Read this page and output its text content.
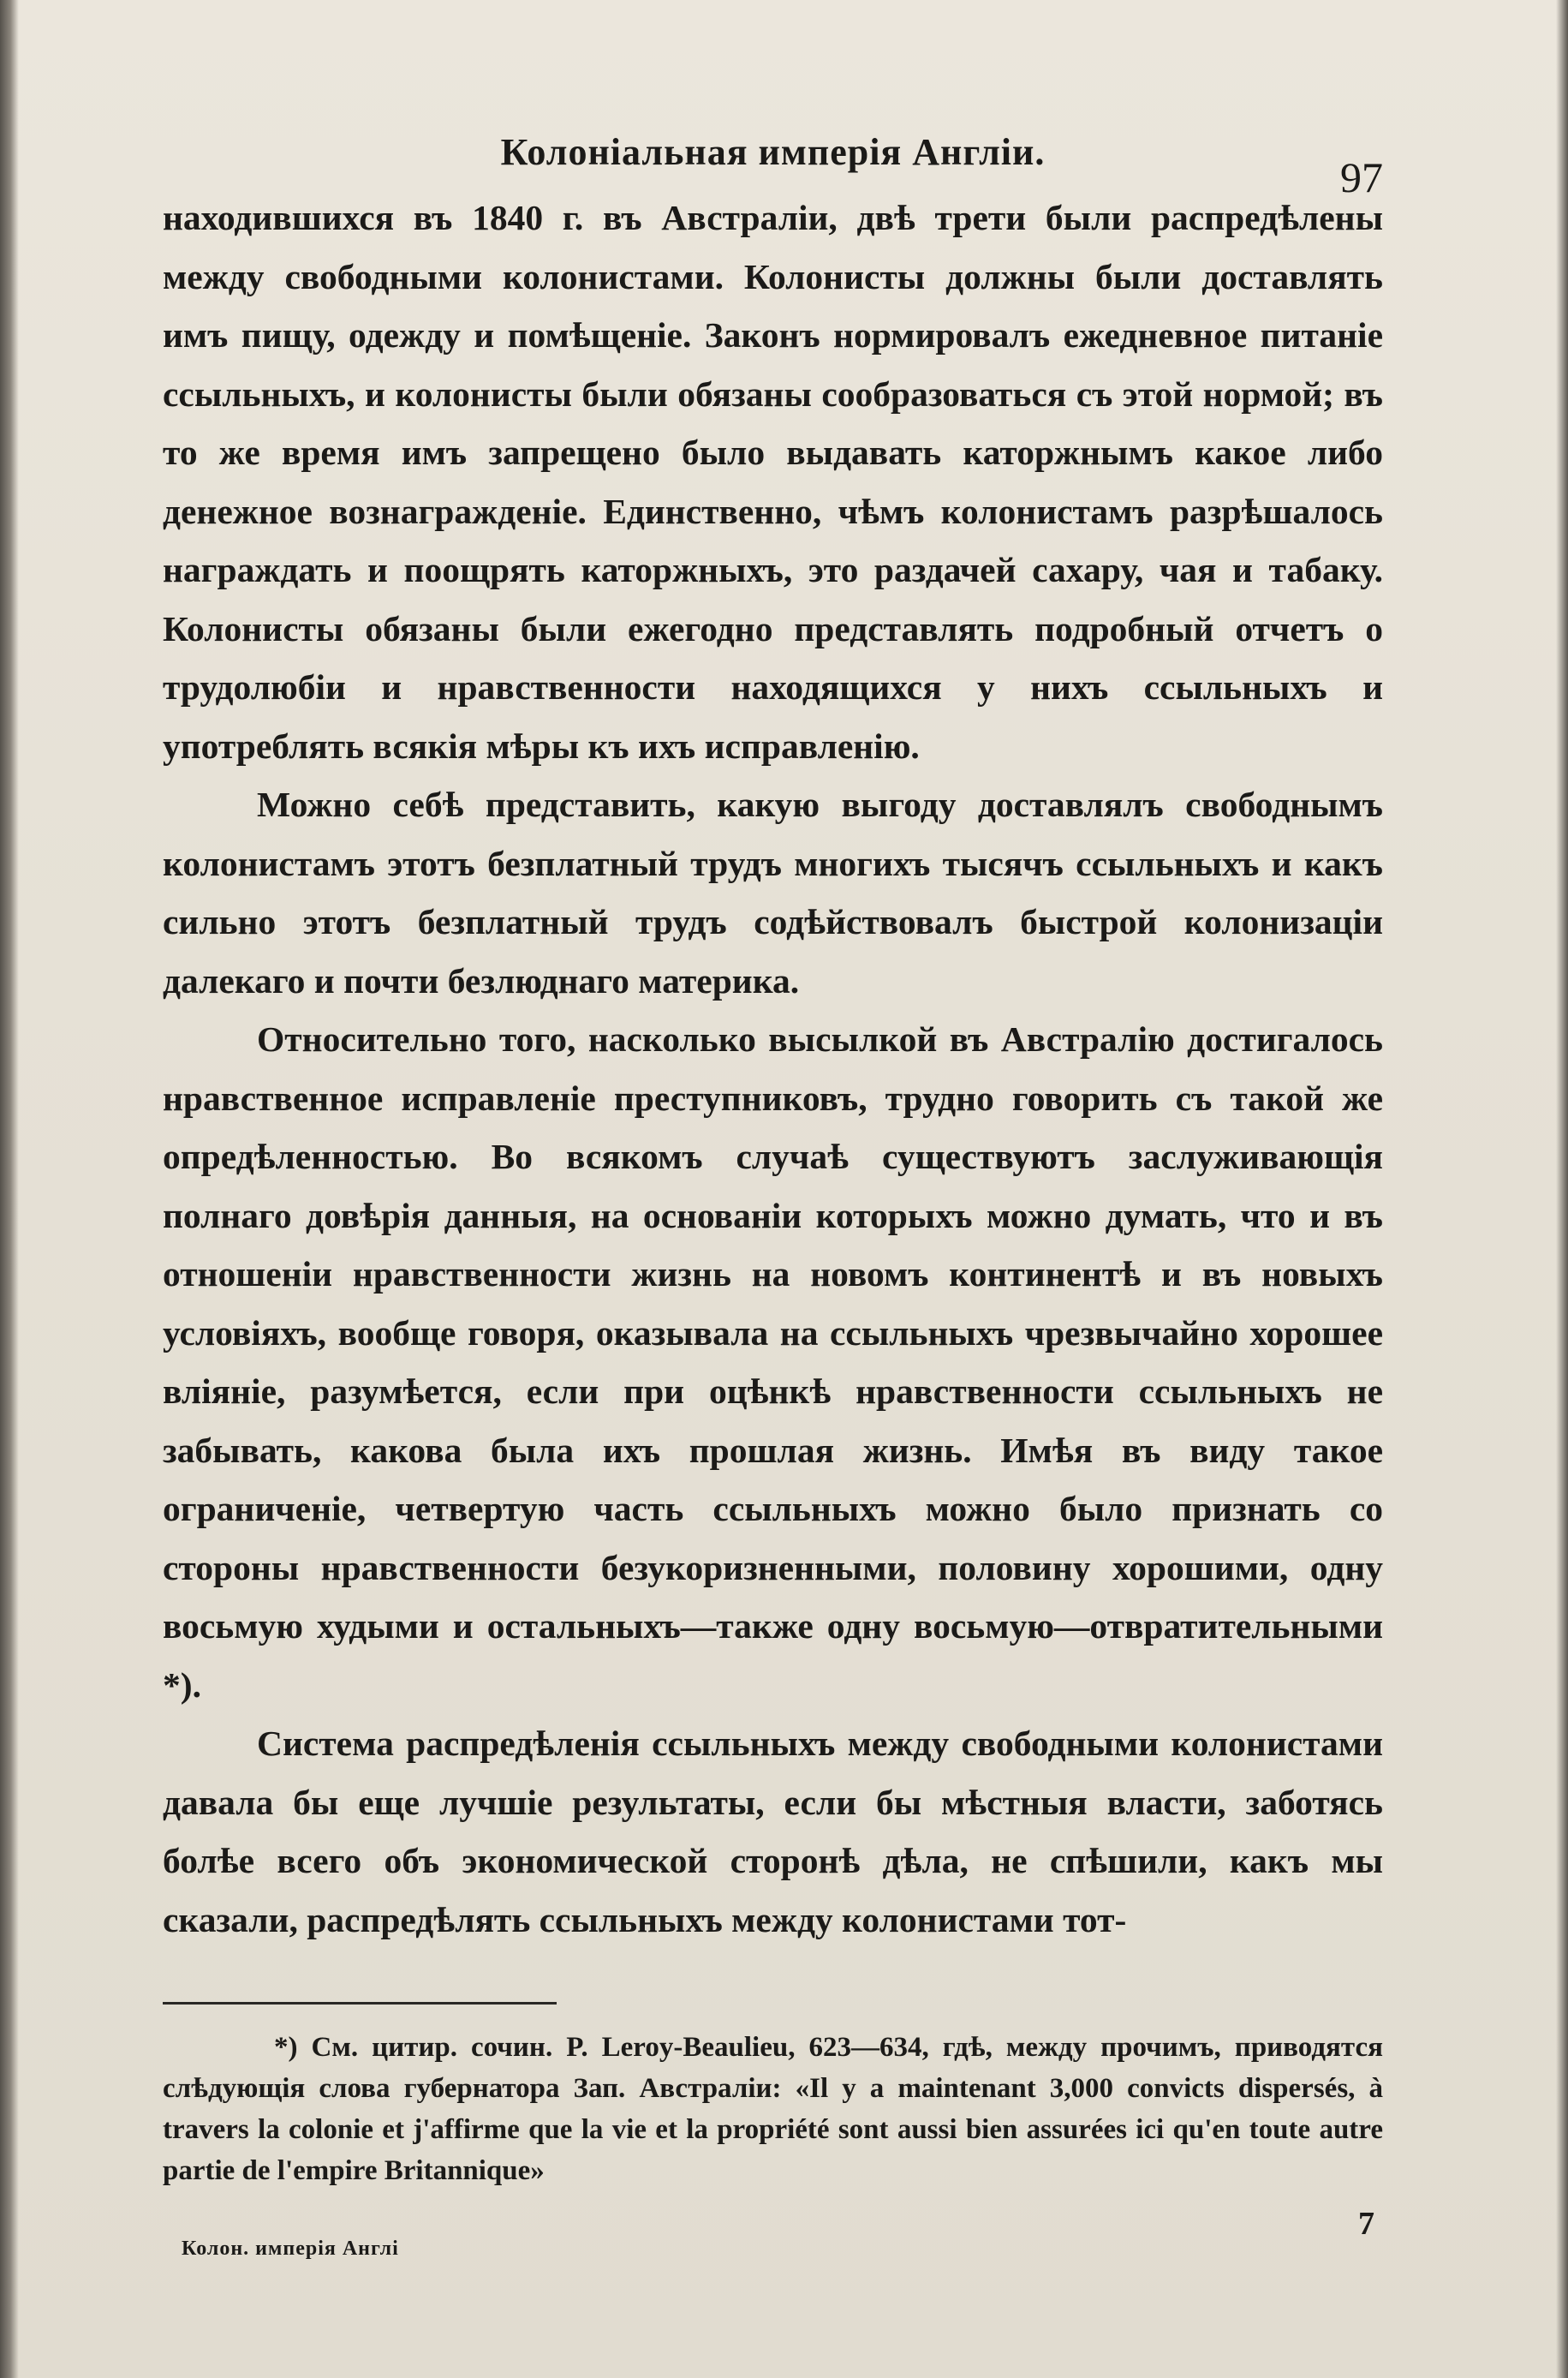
Колоніальная имперія Англіи.
97

находившихся въ 1840 г. въ Австраліи, двѣ трети были распредѣлены между свободными колонистами. Колонисты должны были доставлять имъ пищу, одежду и помѣщеніе. Законъ нормировалъ ежедневное питаніе ссыльныхъ, и колонисты были обязаны сообразоваться съ этой нормой; въ то же время имъ запрещено было выдавать каторжнымъ какое либо денежное вознагражденіе. Единственно, чѣмъ колонистамъ разрѣшалось награждать и поощрять каторжныхъ, это раздачей сахару, чая и табаку. Колонисты обязаны были ежегодно представлять подробный отчетъ о трудолюбіи и нравственности находящихся у нихъ ссыльныхъ и употреблять всякія мѣры къ ихъ исправленію.

Можно себѣ представить, какую выгоду доставлялъ свободнымъ колонистамъ этотъ безплатный трудъ многихъ тысячъ ссыльныхъ и какъ сильно этотъ безплатный трудъ содѣйствовалъ быстрой колонизаціи далекаго и почти безлюднаго материка.

Относительно того, насколько высылкой въ Австралію достигалось нравственное исправленіе преступниковъ, трудно говорить съ такой же опредѣленностью. Во всякомъ случаѣ существуютъ заслуживающія полнаго довѣрія данныя, на основаніи которыхъ можно думать, что и въ отношеніи нравственности жизнь на новомъ континентѣ и въ новыхъ условіяхъ, вообще говоря, оказывала на ссыльныхъ чрезвычайно хорошее вліяніе, разумѣется, если при оцѣнкѣ нравственности ссыльныхъ не забывать, какова была ихъ прошлая жизнь. Имѣя въ виду такое ограниченіе, четвертую часть ссыльныхъ можно было признать со стороны нравственности безукоризненными, половину хорошими, одну восьмую худыми и остальныхъ—также одну восьмую—отвратительными *).

Система распредѣленія ссыльныхъ между свободными колонистами давала бы еще лучшіе результаты, если бы мѣстныя власти, заботясь болѣе всего объ экономической сторонѣ дѣла, не спѣшили, какъ мы сказали, распредѣлять ссыльныхъ между колонистами тот-

*) См. цитир. сочин. P. Leroy-Beaulieu, 623—634, гдѣ, между прочимъ, приводятся слѣдующія слова губернатора Зап. Австраліи: «Il y a maintenant 3,000 convicts dispersés, à travers la colonie et j'affirme que la vie et la propriété sont aussi bien assurées ici qu'en toute autre partie de l'empire Britannique»

Колон. имперія Англі
7
